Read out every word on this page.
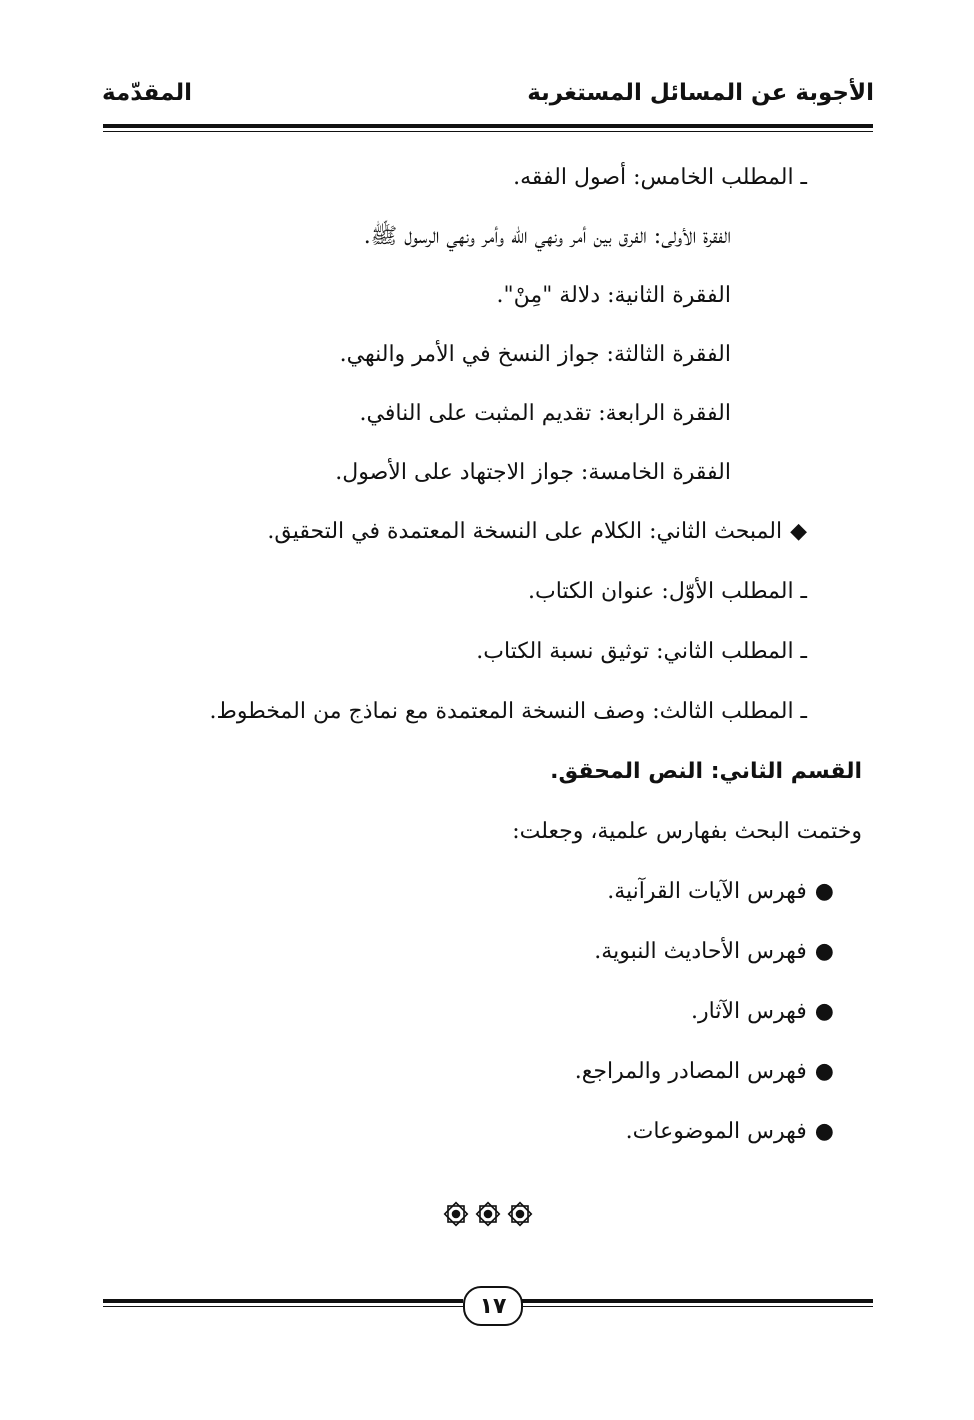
الأجوبة عن المسائل المستغربة
المقدّمة
ـ المطلب الخامس: أصول الفقه.
الفقرة الأولى: الفرق بين أمر ونهي الله وأمر ونهي الرسول ﷺ.
الفقرة الثانية: دلالة "مِنْ".
الفقرة الثالثة: جواز النسخ في الأمر والنهي.
الفقرة الرابعة: تقديم المثبت على النافي.
الفقرة الخامسة: جواز الاجتهاد على الأصول.
◆المبحث الثاني: الكلام على النسخة المعتمدة في التحقيق.
ـ المطلب الأوّل: عنوان الكتاب.
ـ المطلب الثاني: توثيق نسبة الكتاب.
ـ المطلب الثالث: وصف النسخة المعتمدة مع نماذج من المخطوط.
القسم الثاني: النص المحقق.
وختمت البحث بفهارس علمية، وجعلت:
●فهرس الآيات القرآنية.
●فهرس الأحاديث النبوية.
●فهرس الآثار.
●فهرس المصادر والمراجع.
●فهرس الموضوعات.
١٧
